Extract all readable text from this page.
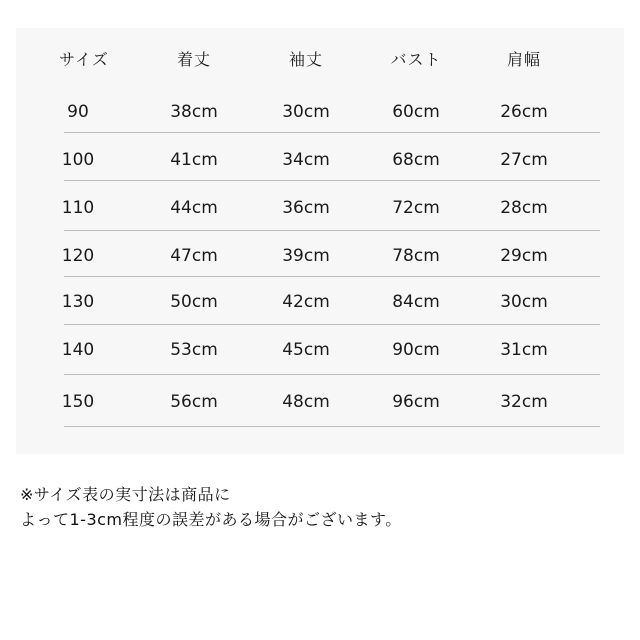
サイズ	着丈	袖丈	バスト	肩幅
90	38cm	30cm	60cm	26cm
100	41cm	34cm	68cm	27cm
110	44cm	36cm	72cm	28cm
120	47cm	39cm	78cm	29cm
130	50cm	42cm	84cm	30cm
140	53cm	45cm	90cm	31cm
150	56cm	48cm	96cm	32cm
※サイズ表の実寸法は商品に
よって1-3cm程度の誤差がある場合がございます。
